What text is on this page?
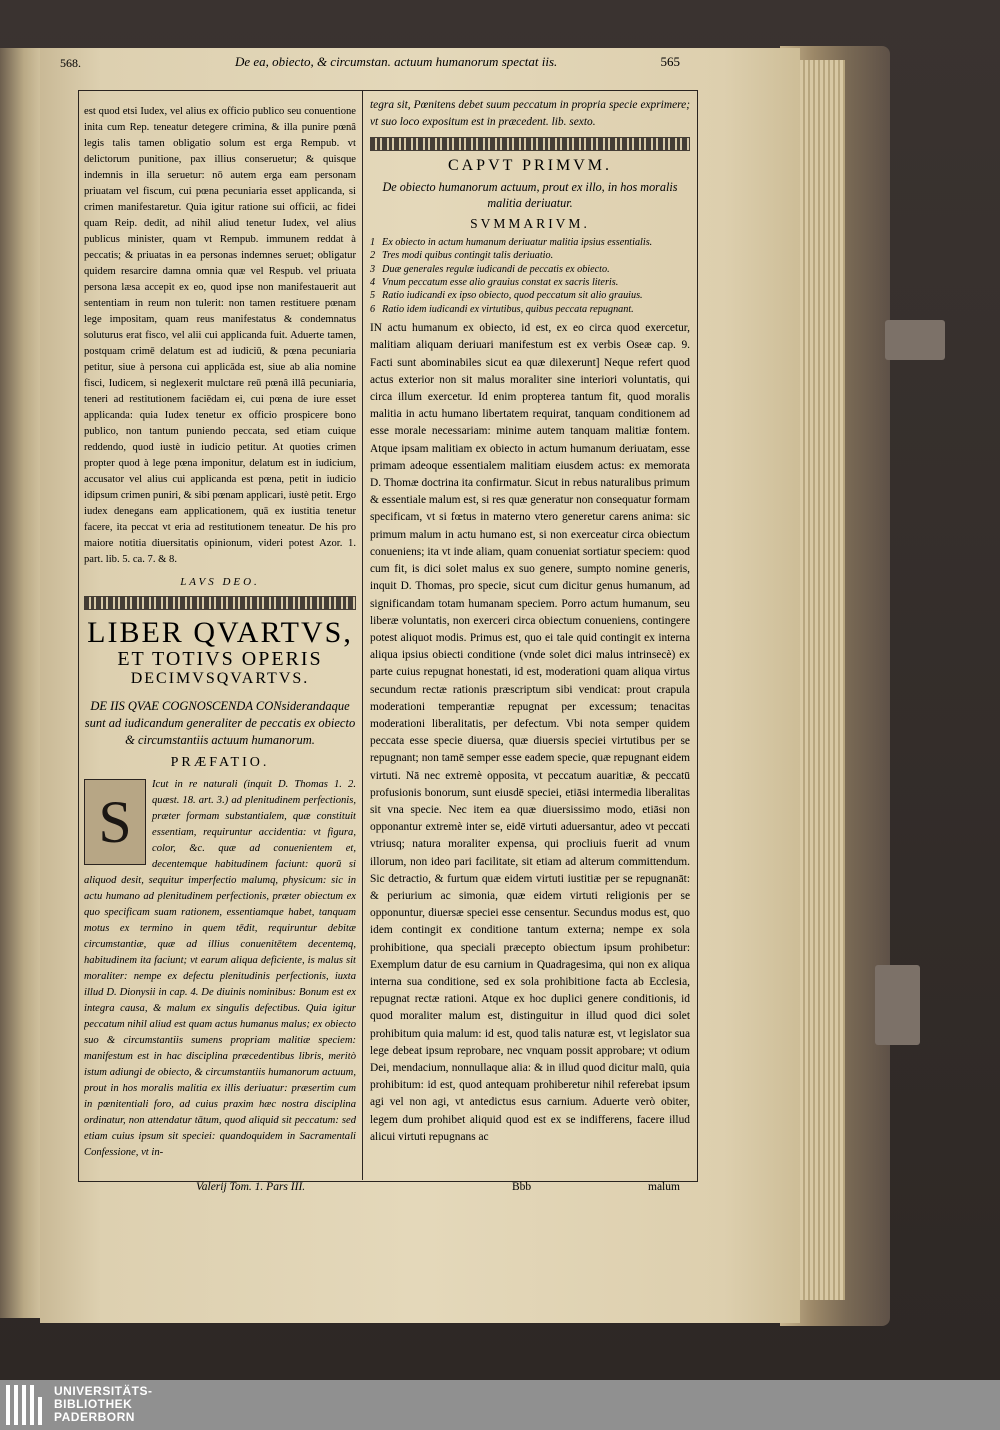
568.	De ea, obiecto, & circumstan. actuum humanorum spectat iis.	565
est quod etsi Iudex, vel alius ex officio publico seu conuentione inita cum Rep. teneatur detegere crimina, & illa punire pœnâ legis talis tamen obligatio solum est erga Rempub. vt delictorum punitione, pax illius conseruetur; & quisque indemnis in illa seruetur: nō autem erga eam personam priuatam vel fiscum, cui pœna pecuniaria esset applicanda, si crimen manifestaretur. Quia igitur ratione sui officii, ac fidei quam Reip. dedit, ad nihil aliud tenetur Iudex, vel alius publicus minister, quam vt Rempub. immunem reddat à peccatis; & priuatas in ea personas indemnes seruet; obligatur quidem resarcire damna omnia quæ vel Respub. vel priuata persona læsa accepit ex eo, quod ipse non manifestauerit aut sententiam in reum non tulerit: non tamen restituere pœnam lege impositam, quam reus manifestatus & condemnatus soluturus erat fisco, vel alii cui applicanda fuit. Aduerte tamen, postquam crimē delatum est ad iudiciū, & pœna pecuniaria petitur, siue à persona cui applicāda est, siue ab alia nomine fisci, Iudicem, si neglexerit mulctare reū pœnâ illâ pecuniaria, teneri ad restitutionem faciēdam ei, cui pœna de iure esset applicanda: quia Iudex tenetur ex officio prospicere bono publico, non tantum puniendo peccata, sed etiam cuique reddendo, quod iustè in iudicio petitur. At quoties crimen propter quod à lege pœna imponitur, delatum est in iudicium, accusator vel alius cui applicanda est pœna, petit in iudicio idipsum crimen puniri, & sibi pœnam applicari, iustè petit. Ergo iudex denegans eam applicationem, quā ex iustitia tenetur facere, ita peccat vt eria ad restitutionem teneatur. De his pro maiore notitia diuersitatis opinionum, videri potest Azor. 1. part. lib. 5. ca. 7. & 8.
LAVS DEO.
LIBER QVARTVS,
ET TOTIVS OPERIS
DECIMVSQVARTVS.
DE IIS QVAE COGNOSCENDA CONsiderandaque sunt ad iudicandum generaliter de peccatis ex obiecto & circumstantiis actuum humanorum.
PRÆFATIO.
S
Icut in re naturali (inquit D. Thomas 1. 2. quæst. 18. art. 3.) ad plenitudinem perfectionis, præter formam substantialem, quæ constituit essentiam, requiruntur accidentia: vt figura, color, &c. quæ ad conuenientem et, decentemque habitudinem faciunt: quorū si aliquod desit, sequitur imperfectio malumq, physicum: sic in actu humano ad plenitudinem perfectionis, præter obiectum ex quo specificam suam rationem, essentiamque habet, tanquam motus ex termino in quem tēdit, requiruntur debitæ circumstantiæ, quæ ad illius conuenitētem decentemq, habitudinem ita faciunt; vt earum aliqua deficiente, is malus sit moraliter: nempe ex defectu plenitudinis perfectionis, iuxta illud D. Dionysii in cap. 4. De diuinis nominibus: Bonum est ex integra causa, & malum ex singulis defectibus. Quia igitur peccatum nihil aliud est quam actus humanus malus; ex obiecto suo & circumstantiis sumens propriam malitiæ speciem: manifestum est in hac disciplina præcedentibus libris, meritò istum adiungi de obiecto, & circumstantiis humanorum actuum, prout in hos moralis malitia ex illis deriuatur: præsertim cum in pœnitentiali foro, ad cuius praxim hæc nostra disciplina ordinatur, non attendatur tātum, quod aliquid sit peccatum: sed etiam cuius ipsum sit speciei: quandoquidem in Sacramentali Confessione, vt in-
tegra sit, Pœnitens debet suum peccatum in propria specie exprimere; vt suo loco expositum est in præcedent. lib. sexto.
CAPVT PRIMVM.
De obiecto humanorum actuum, prout ex illo, in hos moralis malitia deriuatur.
SVMMARIVM.
1 Ex obiecto in actum humanum deriuatur malitia ipsius essentialis.
2 Tres modi quibus contingit talis deriuatio.
3 Duæ generales regulæ iudicandi de peccatis ex obiecto.
4 Vnum peccatum esse alio grauius constat ex sacris literis.
5 Ratio iudicandi ex ipso obiecto, quod peccatum sit alio grauius.
6 Ratio idem iudicandi ex virtutibus, quibus peccata repugnant.
IN actu humanum ex obiecto, id est, ex eo circa quod exercetur, malitiam aliquam deriuari manifestum est ex verbis Oseæ cap. 9. Facti sunt abominabiles sicut ea quæ dilexerunt] Neque refert quod actus exterior non sit malus moraliter sine interiori voluntatis, qui circa illum exercetur. Id enim propterea tantum fit, quod moralis malitia in actu humano libertatem requirat, tanquam conditionem ad esse morale necessariam: minime autem tanquam malitiæ fontem. Atque ipsam malitiam ex obiecto in actum humanum deriuatam, esse primam adeoque essentialem malitiam eiusdem actus: ex memorata D. Thomæ doctrina ita confirmatur. Sicut in rebus naturalibus primum & essentiale malum est, si res quæ generatur non consequatur formam specificam, vt si fœtus in materno vtero generetur carens anima: sic primum malum in actu humano est, si non exerceatur circa obiectum conueniens; ita vt inde aliam, quam conueniat sortiatur speciem: quod cum fit, is dici solet malus ex suo genere, sumpto nomine generis, inquit D. Thomas, pro specie, sicut cum dicitur genus humanum, ad significandam totam humanam speciem. Porro actum humanum, seu liberæ voluntatis, non exerceri circa obiectum conueniens, contingere potest aliquot modis. Primus est, quo ei tale quid contingit ex interna aliqua ipsius obiecti conditione (vnde solet dici malus intrinsecè) ex parte cuius repugnat honestati, id est, moderationi quam aliqua virtus secundum rectæ rationis præscriptum sibi vendicat: prout crapula moderationi temperantiæ repugnat per excessum; tenacitas moderationi liberalitatis, per defectum. Vbi nota semper quidem peccata esse specie diuersa, quæ diuersis speciei virtutibus per se repugnant; non tamē semper esse eadem specie, quæ repugnant eidem virtuti. Nā nec extremè opposita, vt peccatum auaritiæ, & peccatū profusionis bonorum, sunt eiusdē speciei, etiāsi intermedia liberalitas sit vna specie. Nec item ea quæ diuersissimo modo, etiāsi non opponantur extremè inter se, eidē virtuti aduersantur, adeo vt peccati vtriusq; natura moraliter expensa, qui procliuis fuerit ad vnum illorum, non ideo pari facilitate, sit etiam ad alterum committendum. Sic detractio, & furtum quæ eidem virtuti iustitiæ per se repugnanāt: & periurium ac simonia, quæ eidem virtuti religionis per se opponuntur, diuersæ speciei esse censentur. Secundus modus est, quo idem contingit ex conditione tantum externa; nempe ex sola prohibitione, qua speciali præcepto obiectum ipsum prohibetur: Exemplum datur de esu carnium in Quadragesima, qui non ex aliqua interna sua conditione, sed ex sola prohibitione facta ab Ecclesia, repugnat rectæ rationi. Atque ex hoc duplici genere conditionis, id quod moraliter malum est, distinguitur in illud quod dici solet prohibitum quia malum: id est, quod talis naturæ est, vt legislator sua lege debeat ipsum reprobare, nec vnquam possit approbare; vt odium Dei, mendacium, nonnullaque alia: & in illud quod dicitur malū, quia prohibitum: id est, quod antequam prohiberetur nihil referebat ipsum agi vel non agi, vt antedictus esus carnium. Aduerte verò obiter, legem dum prohibet aliquid quod est ex se indifferens, facere illud alicui virtuti repugnans ac
Valerij Tom. 1. Pars III.	Bbb	malum
UNIVERSITÄTS-
BIBLIOTHEK
PADERBORN
